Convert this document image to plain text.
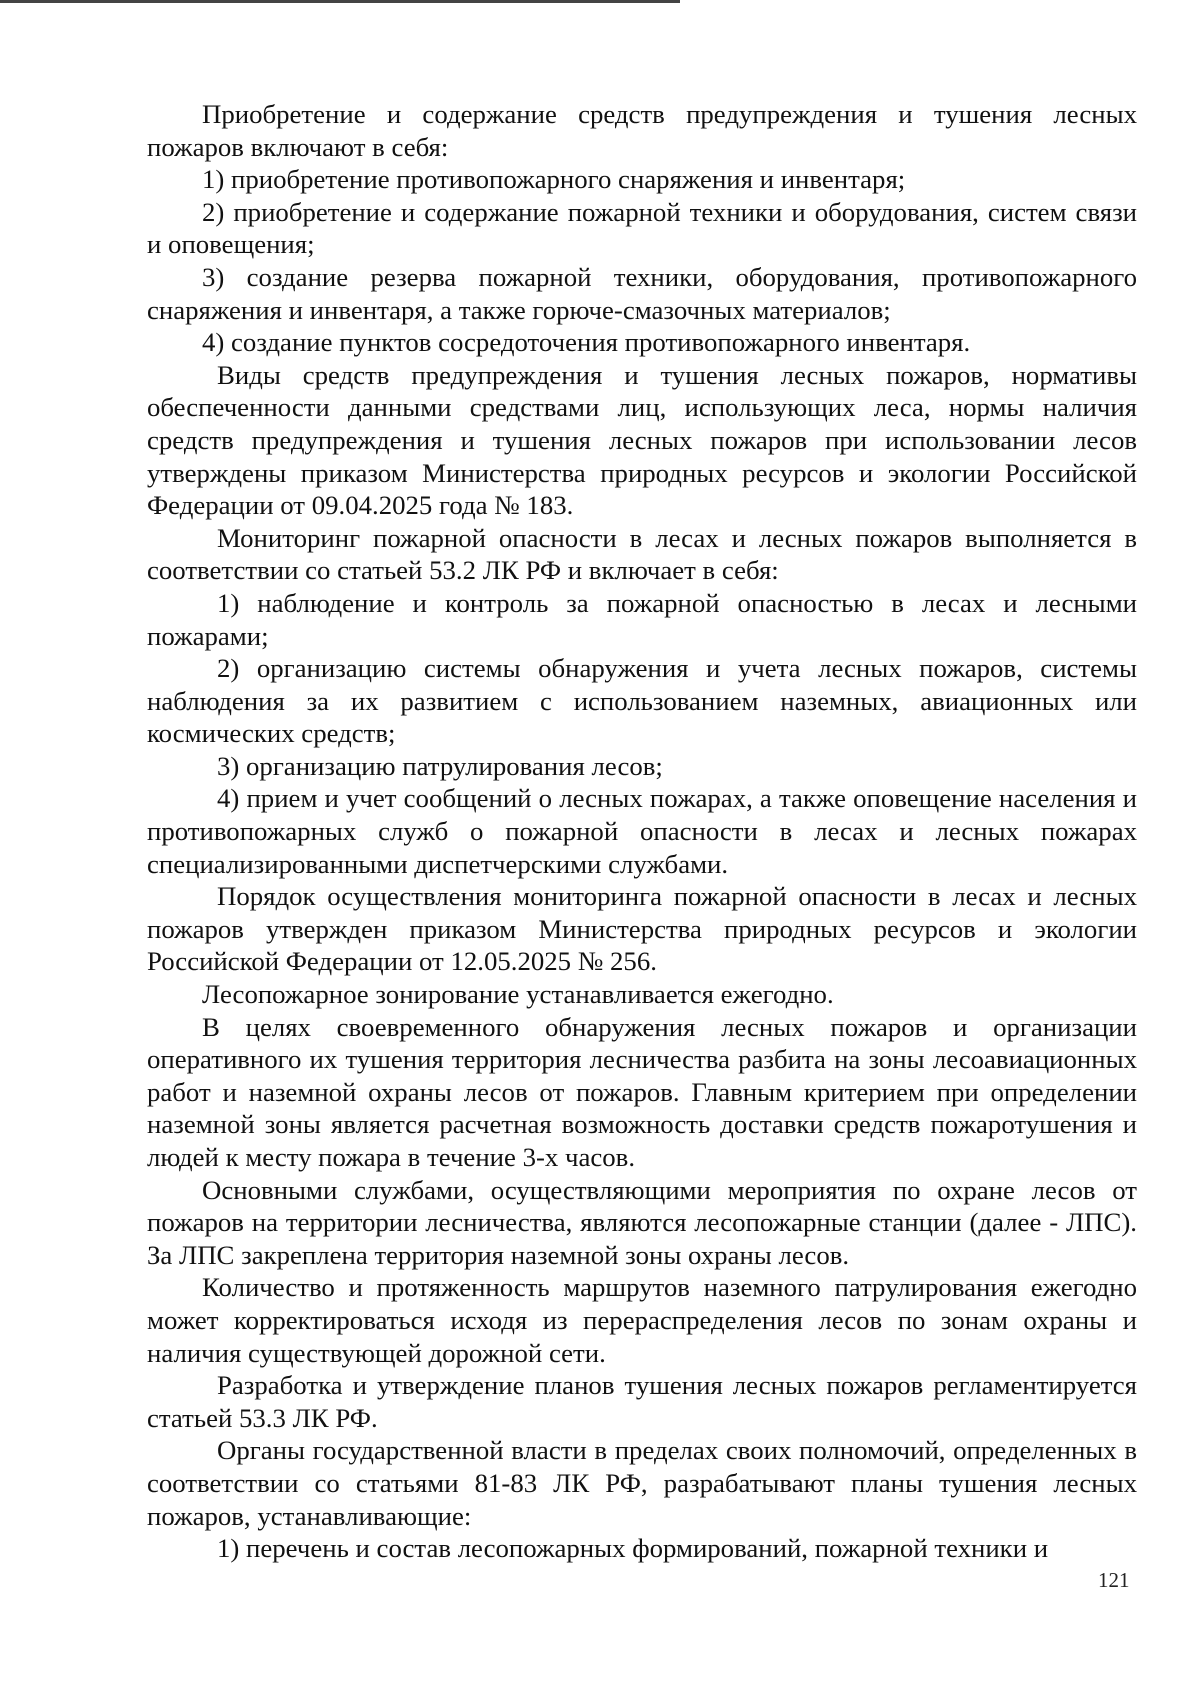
Приобретение и содержание средств предупреждения и тушения лесных пожаров включают в себя:

1) приобретение противопожарного снаряжения и инвентаря;

2) приобретение и содержание пожарной техники и оборудования, систем связи и оповещения;

3) создание резерва пожарной техники, оборудования, противопожарного снаряжения и инвентаря, а также горюче-смазочных материалов;

4) создание пунктов сосредоточения противопожарного инвентаря.

Виды средств предупреждения и тушения лесных пожаров, нормативы обеспеченности данными средствами лиц, использующих леса, нормы наличия средств предупреждения и тушения лесных пожаров при использовании лесов утверждены приказом Министерства природных ресурсов и экологии Российской Федерации от 09.04.2025 года № 183.

Мониторинг пожарной опасности в лесах и лесных пожаров выполняется в соответствии со статьей 53.2 ЛК РФ и включает в себя:

1) наблюдение и контроль за пожарной опасностью в лесах и лесными пожарами;

2) организацию системы обнаружения и учета лесных пожаров, системы наблюдения за их развитием с использованием наземных, авиационных или космических средств;

3) организацию патрулирования лесов;

4) прием и учет сообщений о лесных пожарах, а также оповещение населения и противопожарных служб о пожарной опасности в лесах и лесных пожарах специализированными диспетчерскими службами.

Порядок осуществления мониторинга пожарной опасности в лесах и лесных пожаров утвержден приказом Министерства природных ресурсов и экологии Российской Федерации от 12.05.2025 № 256.

Лесопожарное зонирование устанавливается ежегодно.

В целях своевременного обнаружения лесных пожаров и организации оперативного их тушения территория лесничества разбита на зоны лесоавиационных работ и наземной охраны лесов от пожаров. Главным критерием при определении наземной зоны является расчетная возможность доставки средств пожаротушения и людей к месту пожара в течение 3-х часов.

Основными службами, осуществляющими мероприятия по охране лесов от пожаров на территории лесничества, являются лесопожарные станции (далее - ЛПС). За ЛПС закреплена территория наземной зоны охраны лесов.

Количество и протяженность маршрутов наземного патрулирования ежегодно может корректироваться исходя из перераспределения лесов по зонам охраны и наличия существующей дорожной сети.

Разработка и утверждение планов тушения лесных пожаров регламентируется статьей 53.3 ЛК РФ.

Органы государственной власти в пределах своих полномочий, определенных в соответствии со статьями 81-83 ЛК РФ, разрабатывают планы тушения лесных пожаров, устанавливающие:

1) перечень и состав лесопожарных формирований, пожарной техники и

121
